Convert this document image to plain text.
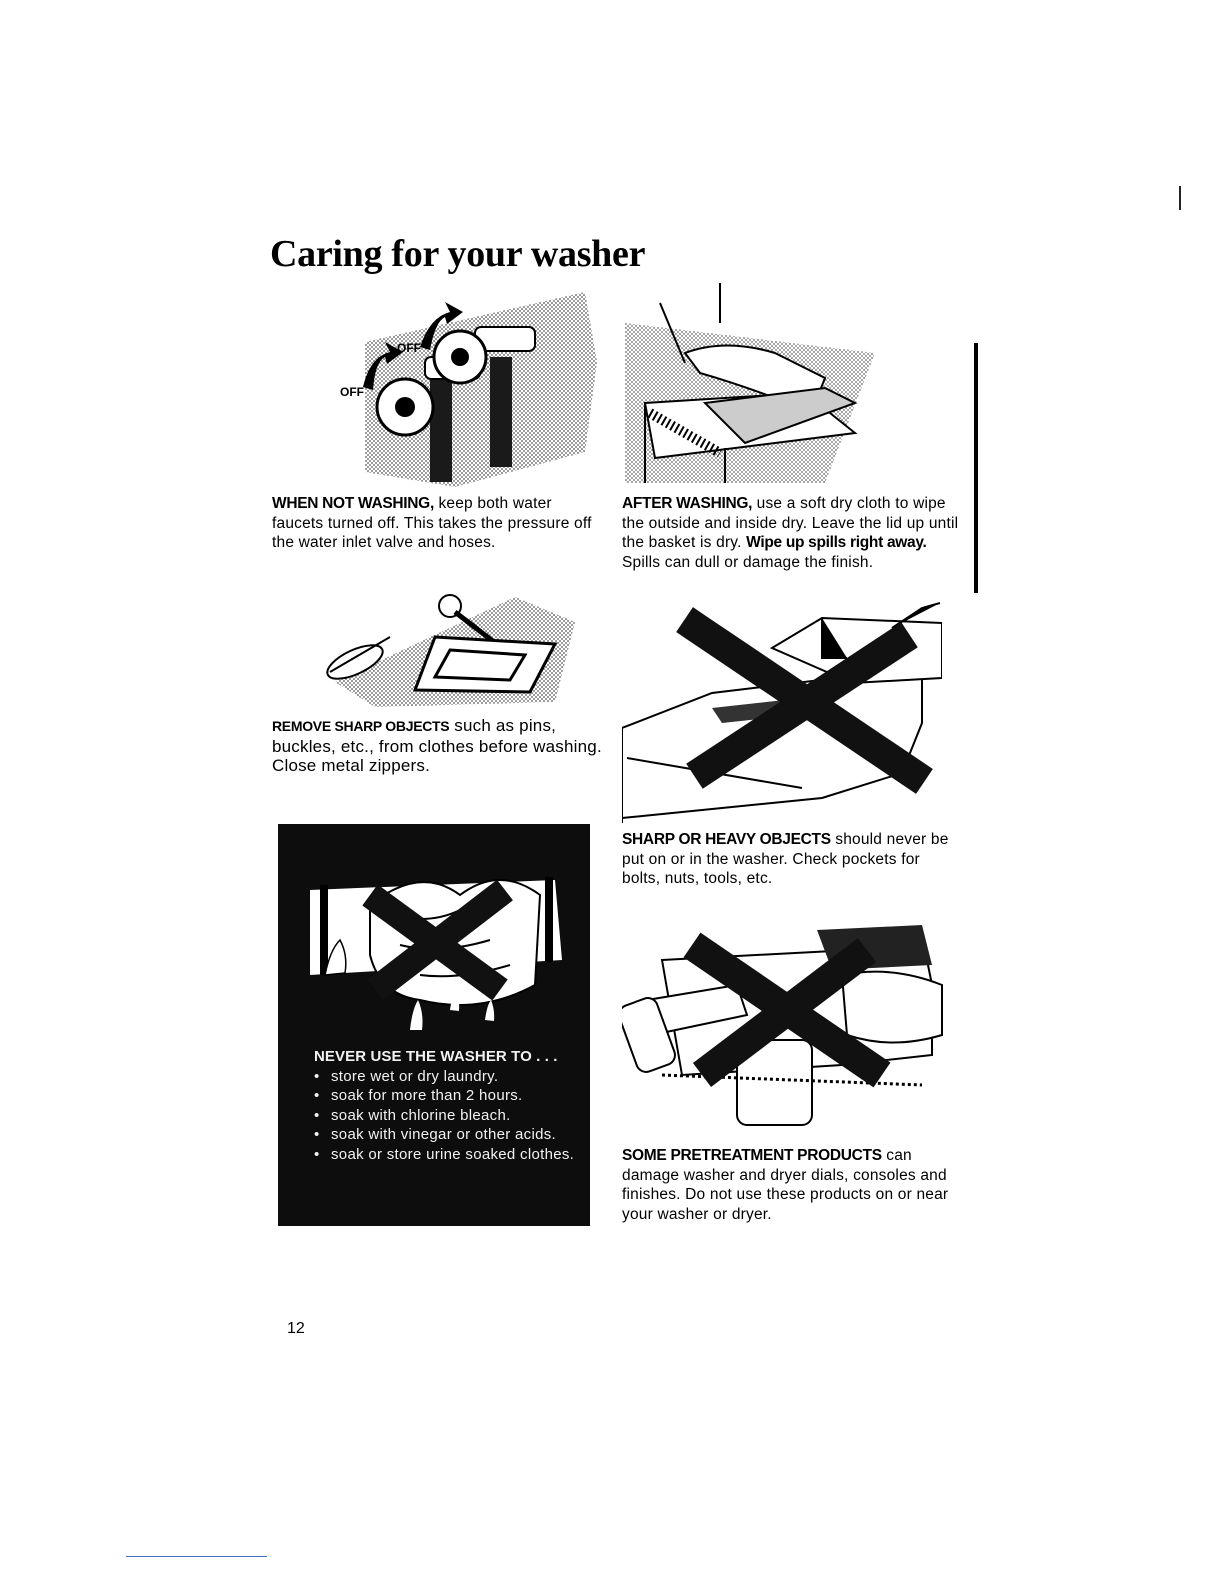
Caring for your washer
OFF
OFF

WHEN NOT WASHING, keep both water faucets turned off. This takes the pressure off the water inlet valve and hoses.

AFTER WASHING, use a soft dry cloth to wipe the outside and inside dry. Leave the lid up until the basket is dry. Wipe up spills right away. Spills can dull or damage the finish.

REMOVE SHARP OBJECTS such as pins, buckles, etc., from clothes before washing. Close metal zippers.

SHARP OR HEAVY OBJECTS should never be put on or in the washer. Check pockets for bolts, nuts, tools, etc.

NEVER USE THE WASHER TO . . .
• store wet or dry laundry.
• soak for more than 2 hours.
• soak with chlorine bleach.
• soak with vinegar or other acids.
• soak or store urine soaked clothes.	SOME PRETREATMENT PRODUCTS can damage washer and dryer dials, consoles and finishes. Do not use these products on or near your washer or dryer.

12
